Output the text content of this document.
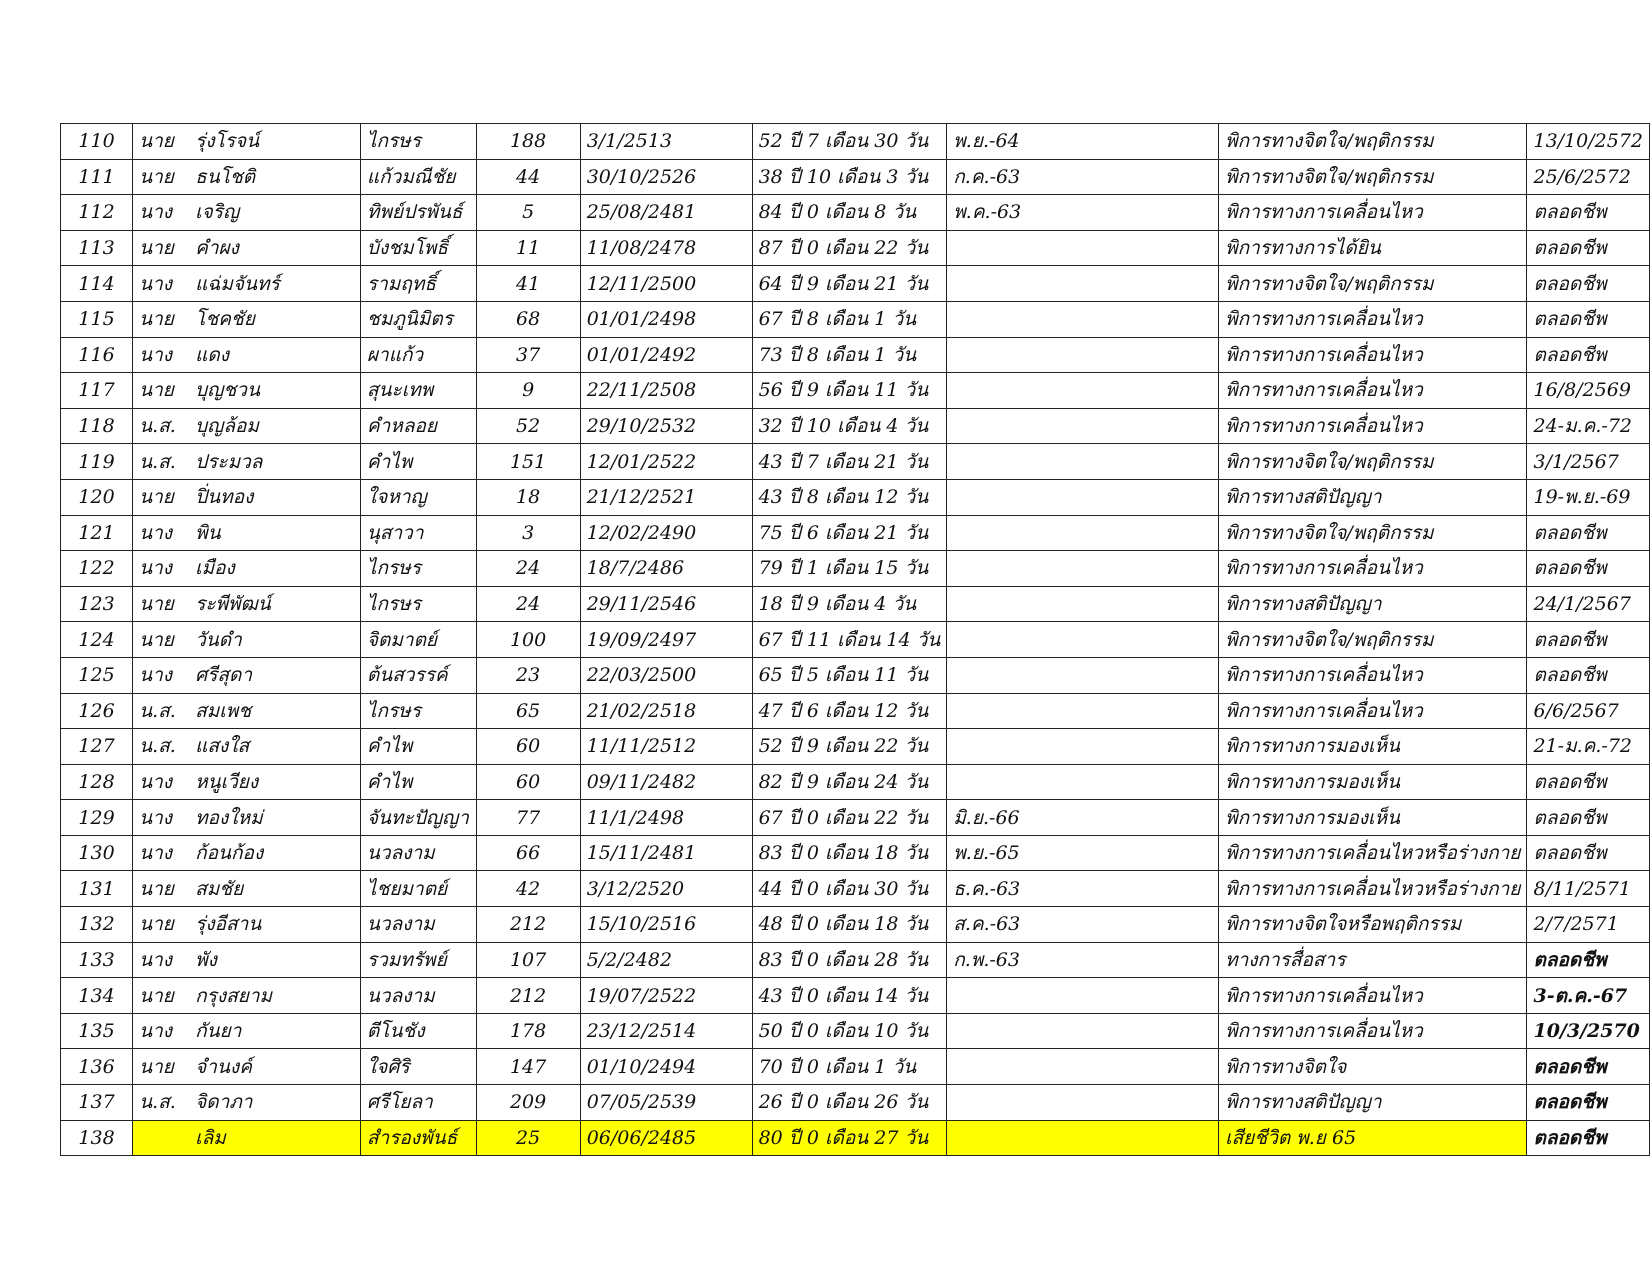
110	นาย รุ่งโรจน์	ไกรษร	188	3/1/2513	52 ปี 7 เดือน 30 วัน	พ.ย.-64	พิการทางจิตใจ/พฤติกรรม	13/10/2572
111	นาย ธนโชติ	แก้วมณีชัย	44	30/10/2526	38 ปี 10 เดือน 3 วัน	ก.ค.-63	พิการทางจิตใจ/พฤติกรรม	25/6/2572
112	นาง เจริญ	ทิพย์ปรพันธ์	5	25/08/2481	84 ปี 0 เดือน 8 วัน	พ.ค.-63	พิการทางการเคลื่อนไหว	ตลอดชีพ
113	นาย คำผง	บังชมโพธิ์	11	11/08/2478	87 ปี 0 เดือน 22 วัน		พิการทางการได้ยิน	ตลอดชีพ
114	นาง แฉ่มจันทร์	รามฤทธิ์	41	12/11/2500	64 ปี 9 เดือน 21 วัน		พิการทางจิตใจ/พฤติกรรม	ตลอดชีพ
115	นาย โชคชัย	ชมภูนิมิตร	68	01/01/2498	67 ปี 8 เดือน 1 วัน		พิการทางการเคลื่อนไหว	ตลอดชีพ
116	นาง แดง	ผาแก้ว	37	01/01/2492	73 ปี 8 เดือน 1 วัน		พิการทางการเคลื่อนไหว	ตลอดชีพ
117	นาย บุญชวน	สุนะเทพ	9	22/11/2508	56 ปี 9 เดือน 11 วัน		พิการทางการเคลื่อนไหว	16/8/2569
118	น.ส. บุญล้อม	คำหลอย	52	29/10/2532	32 ปี 10 เดือน 4 วัน		พิการทางการเคลื่อนไหว	24-ม.ค.-72
119	น.ส. ประมวล	คำไพ	151	12/01/2522	43 ปี 7 เดือน 21 วัน		พิการทางจิตใจ/พฤติกรรม	3/1/2567
120	นาย ปิ่นทอง	ใจหาญ	18	21/12/2521	43 ปี 8 เดือน 12 วัน		พิการทางสติปัญญา	19-พ.ย.-69
121	นาง พิน	นุสาวา	3	12/02/2490	75 ปี 6 เดือน 21 วัน		พิการทางจิตใจ/พฤติกรรม	ตลอดชีพ
122	นาง เมือง	ไกรษร	24	18/7/2486	79 ปี 1 เดือน 15 วัน		พิการทางการเคลื่อนไหว	ตลอดชีพ
123	นาย ระพีพัฒน์	ไกรษร	24	29/11/2546	18 ปี 9 เดือน 4 วัน		พิการทางสติปัญญา	24/1/2567
124	นาย วันดำ	จิตมาตย์	100	19/09/2497	67 ปี 11 เดือน 14 วัน		พิการทางจิตใจ/พฤติกรรม	ตลอดชีพ
125	นาง ศรีสุดา	ต้นสวรรค์	23	22/03/2500	65 ปี 5 เดือน 11 วัน		พิการทางการเคลื่อนไหว	ตลอดชีพ
126	น.ส. สมเพช	ไกรษร	65	21/02/2518	47 ปี 6 เดือน 12 วัน		พิการทางการเคลื่อนไหว	6/6/2567
127	น.ส. แสงใส	คำไพ	60	11/11/2512	52 ปี 9 เดือน 22 วัน		พิการทางการมองเห็น	21-ม.ค.-72
128	นาง หนูเวียง	คำไพ	60	09/11/2482	82 ปี 9 เดือน 24 วัน		พิการทางการมองเห็น	ตลอดชีพ
129	นาง ทองใหม่	จันทะปัญญา	77	11/1/2498	67 ปี 0 เดือน 22 วัน	มิ.ย.-66	พิการทางการมองเห็น	ตลอดชีพ
130	นาง ก้อนก้อง	นวลงาม	66	15/11/2481	83 ปี 0 เดือน 18 วัน	พ.ย.-65	พิการทางการเคลื่อนไหวหรือร่างกาย	ตลอดชีพ
131	นาย สมชัย	ไชยมาตย์	42	3/12/2520	44 ปี 0 เดือน 30 วัน	ธ.ค.-63	พิการทางการเคลื่อนไหวหรือร่างกาย	8/11/2571
132	นาย รุ่งอีสาน	นวลงาม	212	15/10/2516	48 ปี 0 เดือน 18 วัน	ส.ค.-63	พิการทางจิตใจหรือพฤติกรรม	2/7/2571
133	นาง พัง	รวมทรัพย์	107	5/2/2482	83 ปี 0 เดือน 28 วัน	ก.พ.-63	ทางการสื่อสาร	ตลอดชีพ
134	นาย กรุงสยาม	นวลงาม	212	19/07/2522	43 ปี 0 เดือน 14 วัน		พิการทางการเคลื่อนไหว	3-ต.ค.-67
135	นาง กันยา	ตีโนชัง	178	23/12/2514	50 ปี 0 เดือน 10 วัน		พิการทางการเคลื่อนไหว	10/3/2570
136	นาย จำนงค์	ใจศิริ	147	01/10/2494	70 ปี 0 เดือน 1 วัน		พิการทางจิตใจ	ตลอดชีพ
137	น.ส. จิดาภา	ศรีโยลา	209	07/05/2539	26 ปี 0 เดือน 26 วัน		พิการทางสติปัญญา	ตลอดชีพ
138	เลิม	สำรองพันธ์	25	06/06/2485	80 ปี 0 เดือน 27 วัน		เสียชีวิต พ.ย 65	ตลอดชีพ
